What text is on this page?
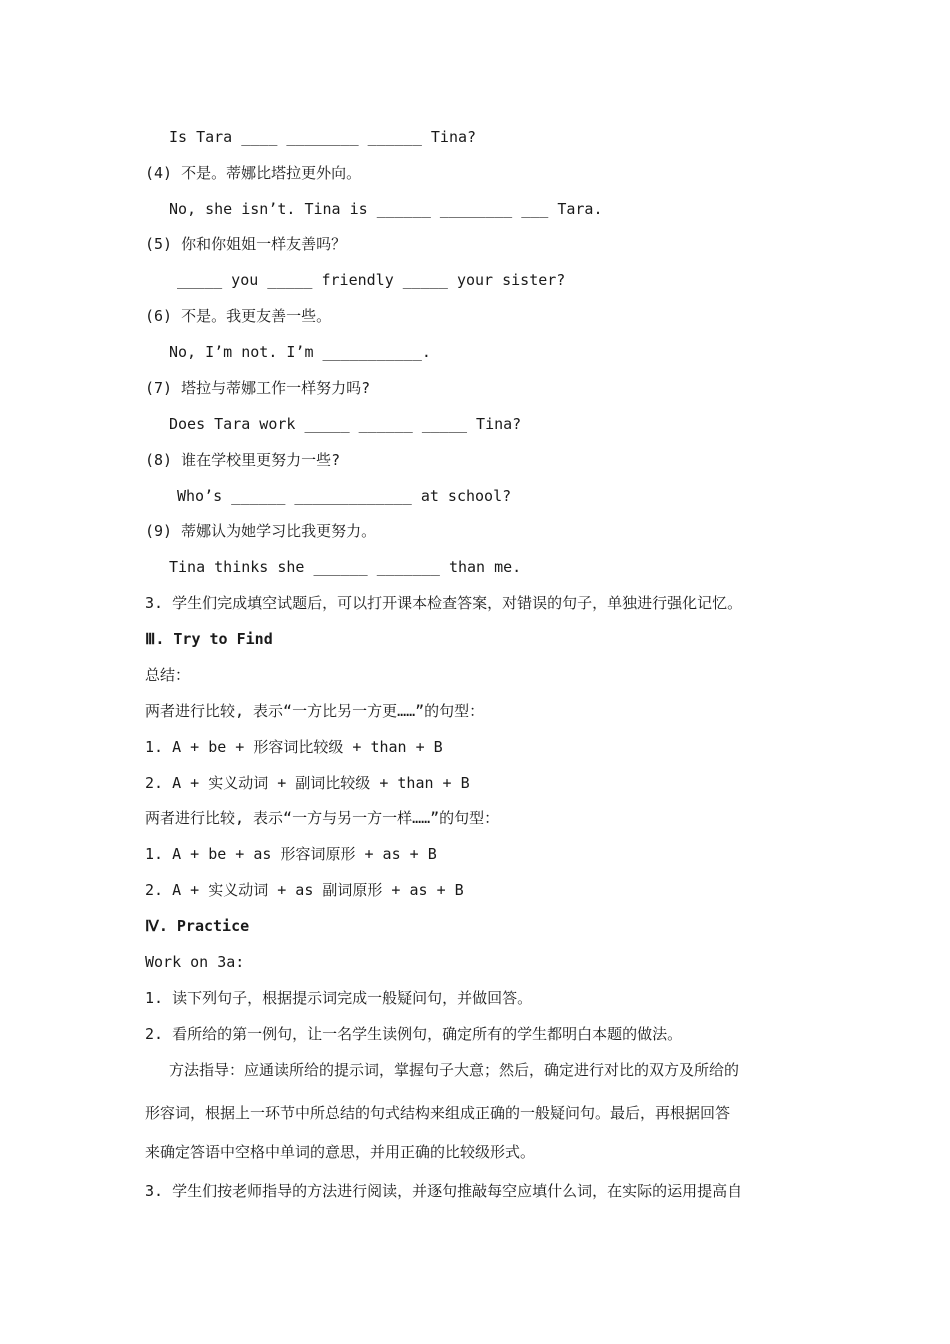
Is Tara ____ ________ ______ Tina?
(4) 不是。蒂娜比塔拉更外向。
No, she isn’t. Tina is ______ ________ ___ Tara.
(5) 你和你姐姐一样友善吗？
_____ you _____ friendly _____ your sister?
(6) 不是。我更友善一些。
No, I’m not. I’m ___________.
(7) 塔拉与蒂娜工作一样努力吗?
Does Tara work _____ ______ _____ Tina?
(8) 谁在学校里更努力一些?
Who’s ______ _____________ at school?
(9) 蒂娜认为她学习比我更努力。
Tina thinks she ______ _______ than me.
3. 学生们完成填空试题后，可以打开课本检查答案，对错误的句子，单独进行强化记忆。
Ⅲ. Try to Find
总结：
两者进行比较, 表示“一方比另一方更……”的句型：
1. A + be + 形容词比较级 + than + B
2. A + 实义动词 + 副词比较级 + than + B
两者进行比较, 表示“一方与另一方一样……”的句型：
1. A + be + as 形容词原形 + as + B
2. A + 实义动词 + as 副词原形 + as + B
Ⅳ. Practice
Work on 3a:
1. 读下列句子，根据提示词完成一般疑问句，并做回答。
2. 看所给的第一例句，让一名学生读例句，确定所有的学生都明白本题的做法。
方法指导：应通读所给的提示词，掌握句子大意；然后，确定进行对比的双方及所给的
形容词，根据上一环节中所总结的句式结构来组成正确的一般疑问句。最后，再根据回答
来确定答语中空格中单词的意思，并用正确的比较级形式。
3. 学生们按老师指导的方法进行阅读，并逐句推敲每空应填什么词，在实际的运用提高自
